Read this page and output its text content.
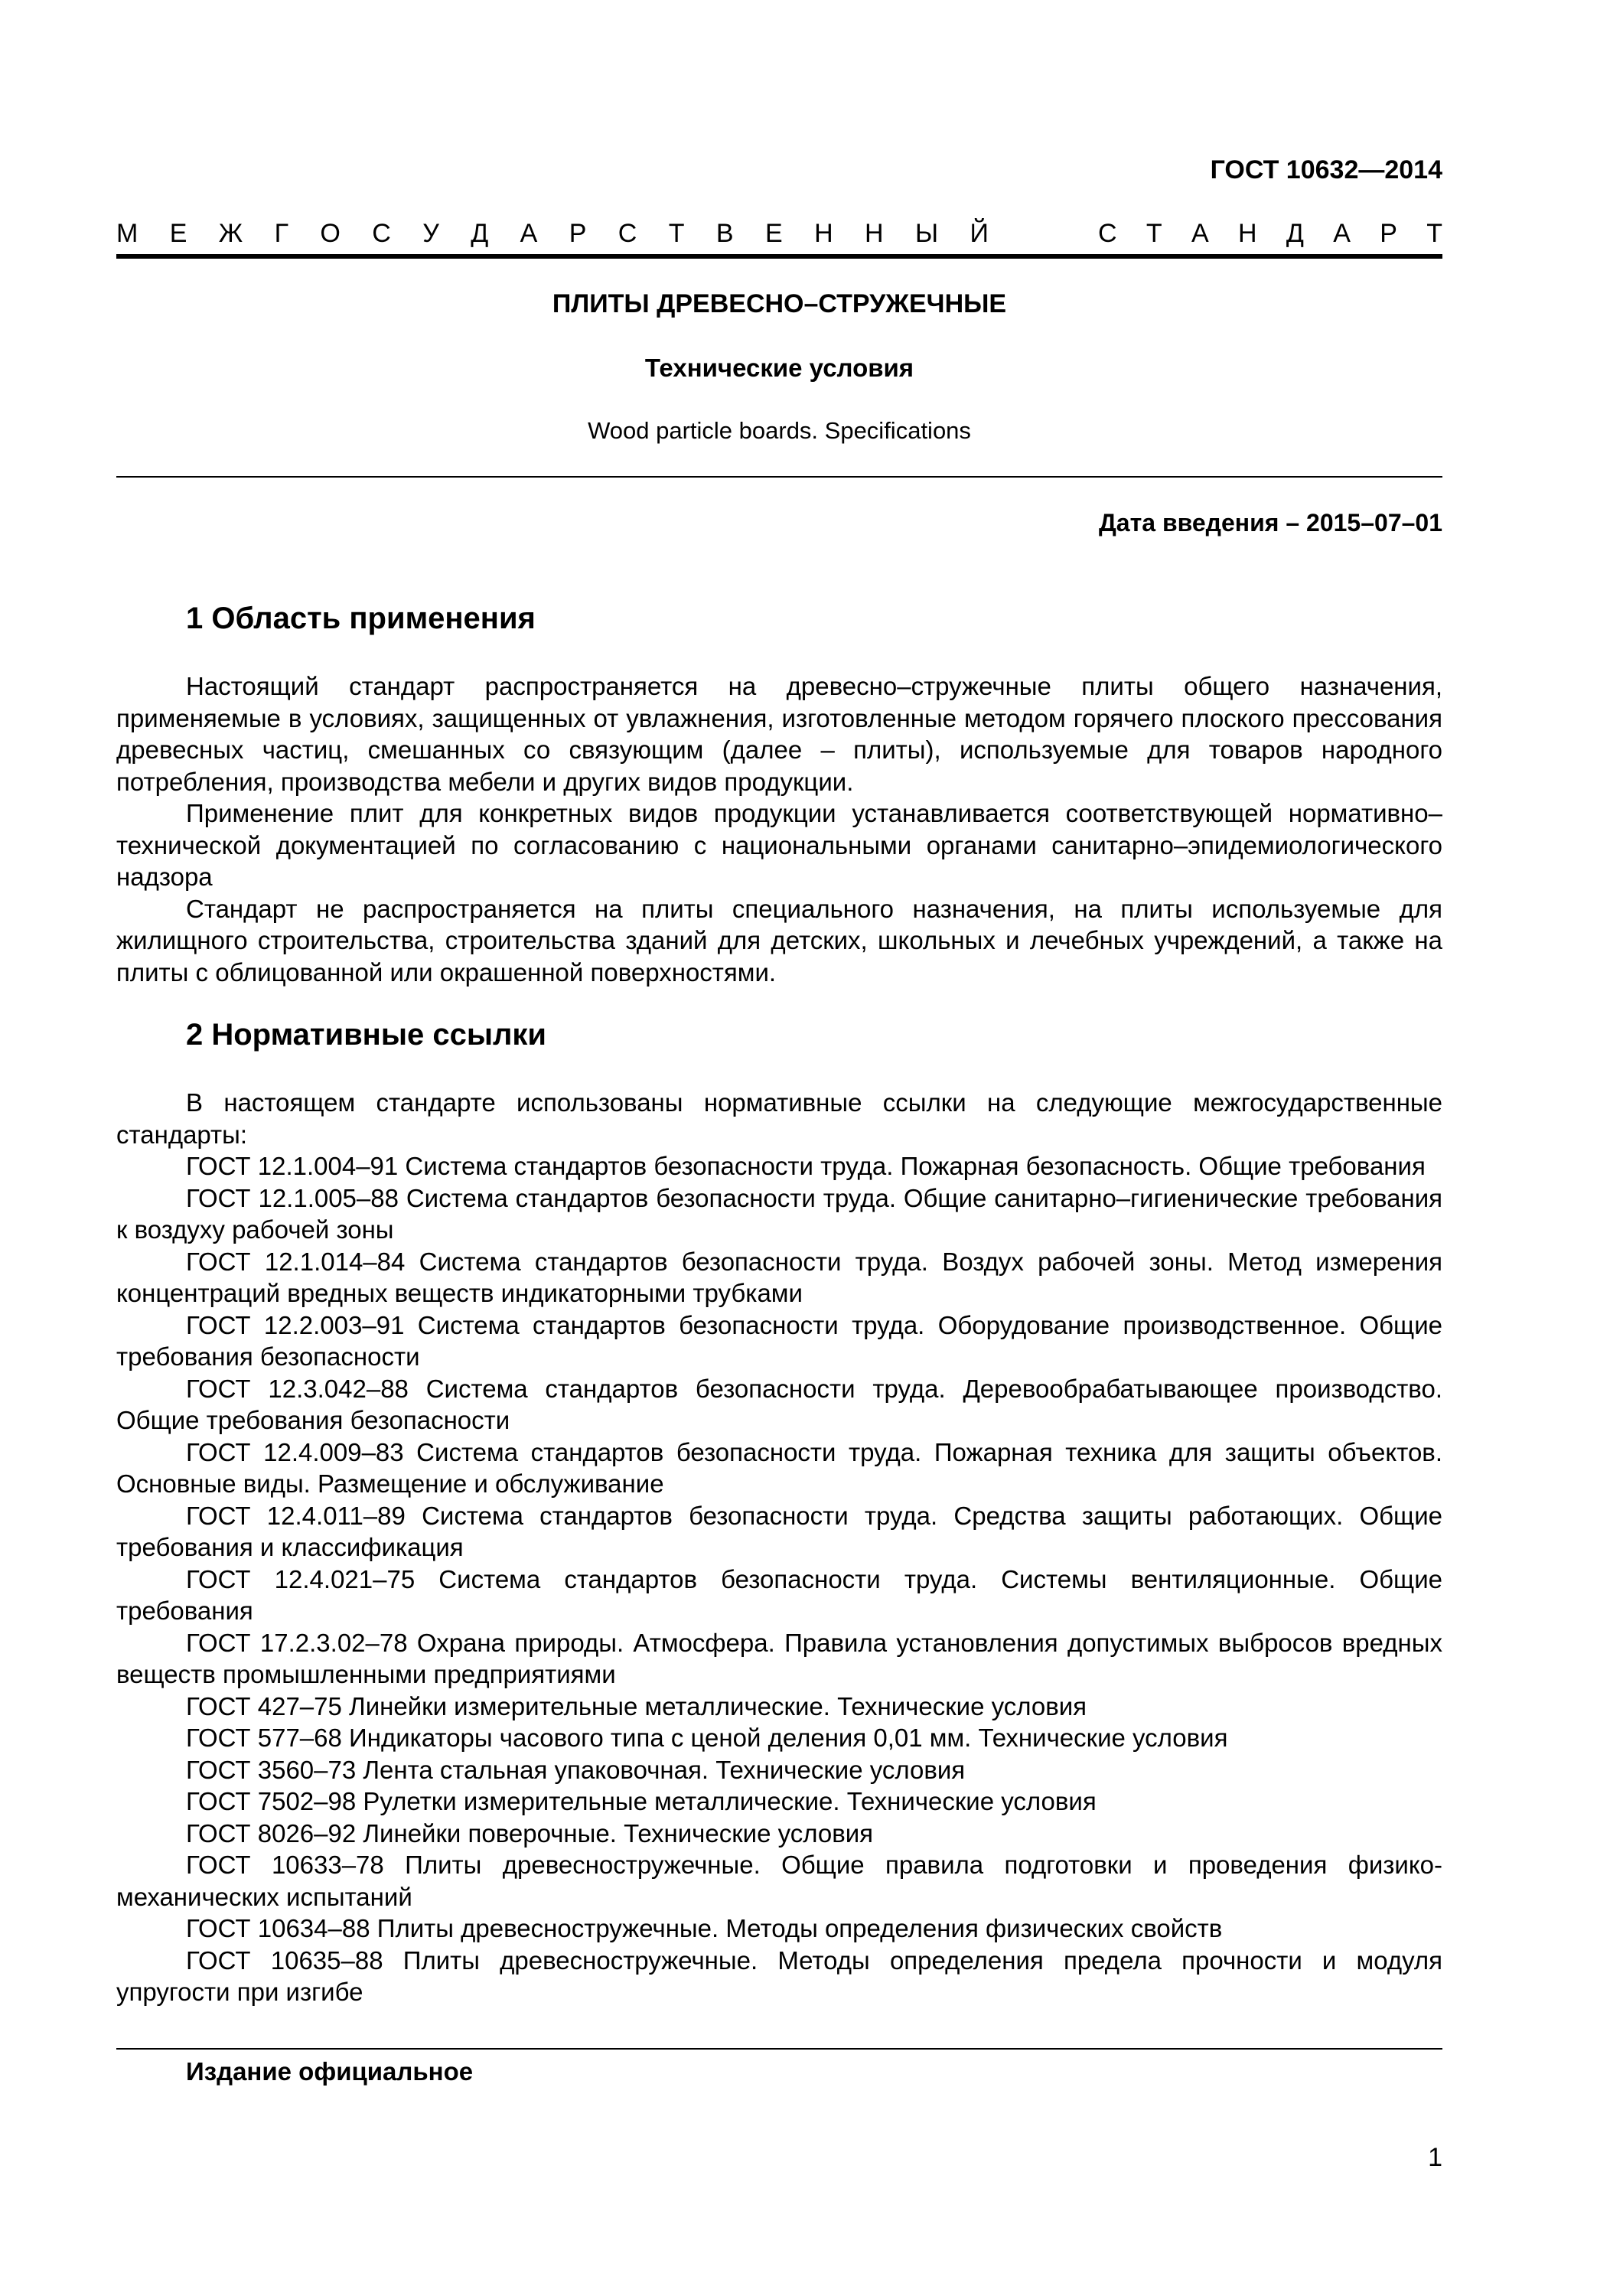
ГОСТ 10632—2014
М Е Ж Г О С У Д А Р С Т В Е Н Н Ы Й	С Т А Н Д А Р Т
ПЛИТЫ ДРЕВЕСНО–СТРУЖЕЧНЫЕ
Технические условия
Wood particle boards. Specifications
Дата введения – 2015–07–01
1 Область применения

Настоящий стандарт распространяется на древесно–стружечные плиты общего назначения, применяемые в условиях, защищенных от увлажнения, изготовленные методом горячего плоского прессования древесных частиц, смешанных со связующим (далее – плиты), используемые для товаров народного потребления, производства мебели и других видов продукции.

Применение плит для конкретных видов продукции устанавливается соответствующей нормативно–технической документацией по согласованию с национальными органами санитарно–эпидемиологического надзора

Стандарт не распространяется на плиты специального назначения, на плиты используемые для жилищного строительства, строительства зданий для детских, школьных и лечебных учреждений, а также на плиты с облицованной или окрашенной поверхностями.

2 Нормативные ссылки

В настоящем стандарте использованы нормативные ссылки на следующие межгосударственные стандарты:

ГОСТ 12.1.004–91 Система стандартов безопасности труда. Пожарная безопасность. Общие требования

ГОСТ 12.1.005–88 Система стандартов безопасности труда. Общие санитарно–гигиенические требования к воздуху рабочей зоны

ГОСТ 12.1.014–84 Система стандартов безопасности труда. Воздух рабочей зоны. Метод измерения концентраций вредных веществ индикаторными трубками

ГОСТ 12.2.003–91 Система стандартов безопасности труда. Оборудование производственное. Общие требования безопасности

ГОСТ 12.3.042–88 Система стандартов безопасности труда. Деревообрабатывающее производство. Общие требования безопасности

ГОСТ 12.4.009–83 Система стандартов безопасности труда. Пожарная техника для защиты объектов. Основные виды. Размещение и обслуживание

ГОСТ 12.4.011–89 Система стандартов безопасности труда. Средства защиты работающих. Общие требования и классификация

ГОСТ 12.4.021–75 Система стандартов безопасности труда. Системы вентиляционные. Общие требования

ГОСТ 17.2.3.02–78 Охрана природы. Атмосфера. Правила установления допустимых выбросов вредных веществ промышленными предприятиями

ГОСТ 427–75 Линейки измерительные металлические. Технические условия

ГОСТ 577–68 Индикаторы часового типа с ценой деления 0,01 мм. Технические условия

ГОСТ 3560–73 Лента стальная упаковочная. Технические условия

ГОСТ 7502–98 Рулетки измерительные металлические. Технические условия

ГОСТ 8026–92 Линейки поверочные. Технические условия

ГОСТ 10633–78 Плиты древесностружечные. Общие правила подготовки и проведения физико-механических испытаний

ГОСТ 10634–88 Плиты древесностружечные. Методы определения физических свойств

ГОСТ 10635–88 Плиты древесностружечные. Методы определения предела прочности и модуля упругости при изгибе

Издание официальное
1
